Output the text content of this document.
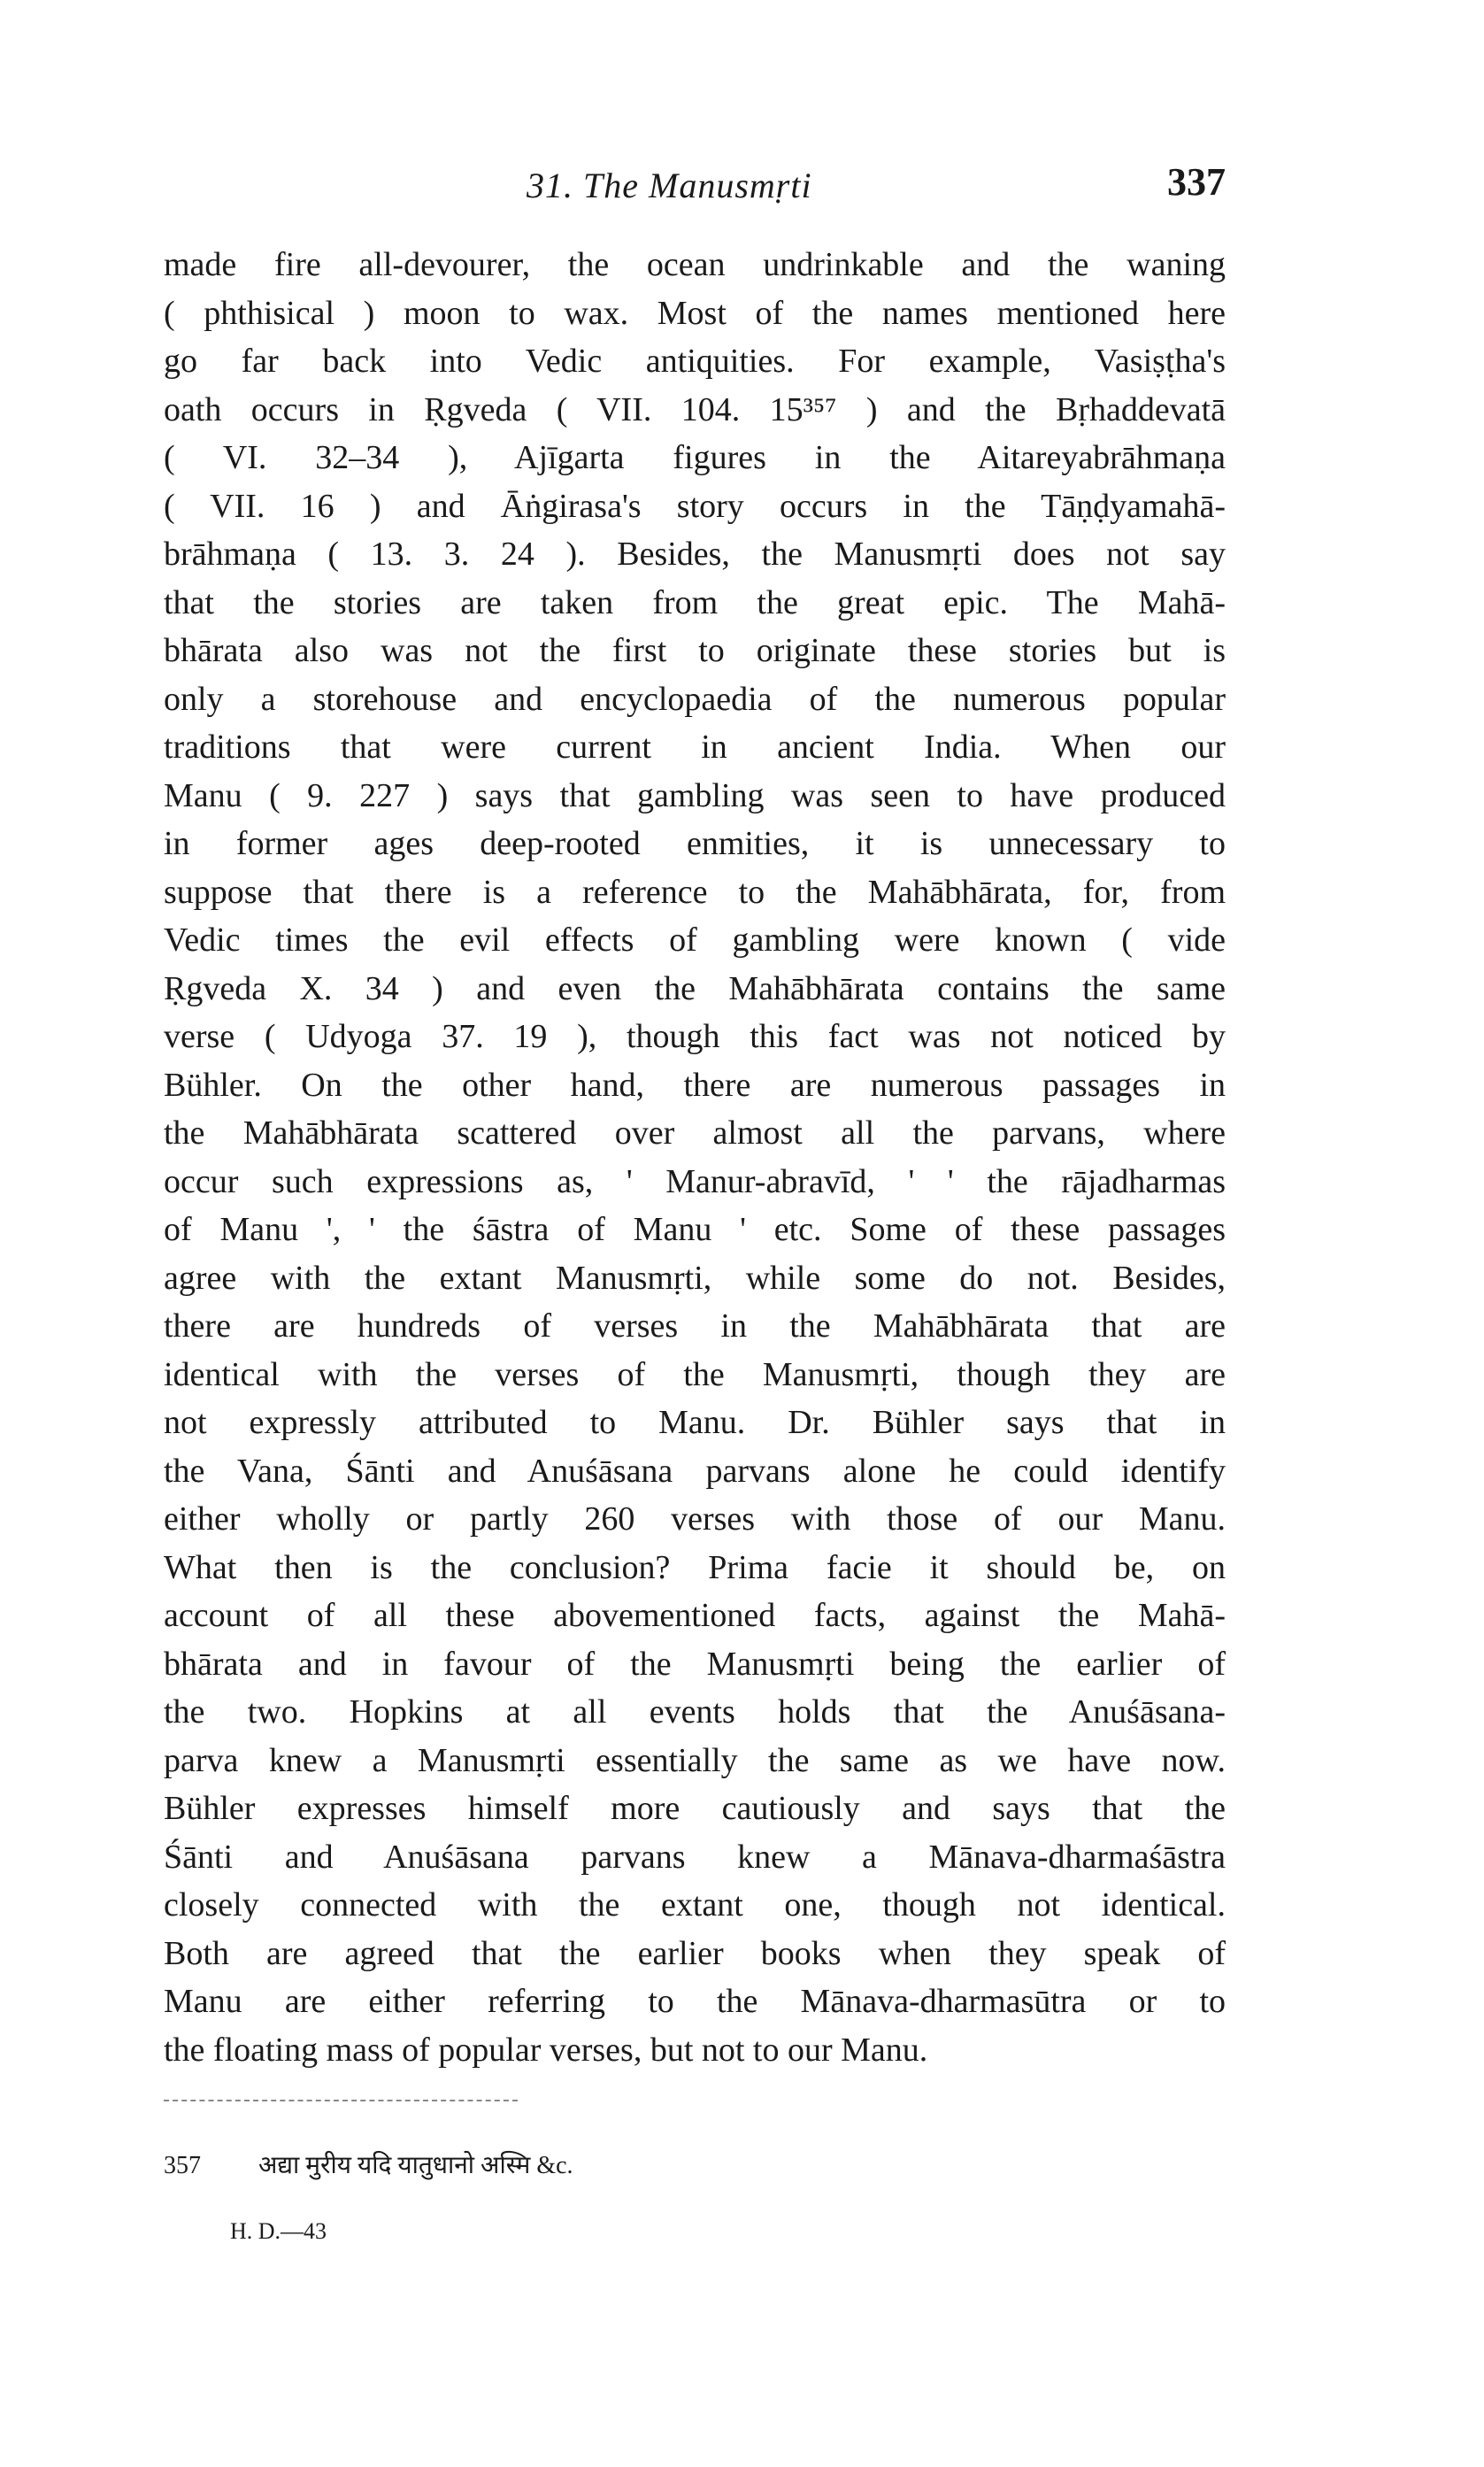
31. The Manusmṛti	337
made fire all-devourer, the ocean undrinkable and the waning
( phthisical ) moon to wax. Most of the names mentioned here
go far back into Vedic antiquities. For example, Vasiṣṭha's
oath occurs in Ṛgveda ( VII. 104. 15³⁵⁷ ) and the Bṛhaddevatā
( VI. 32–34 ), Ajīgarta figures in the Aitareyabrāhmaṇa
( VII. 16 ) and Āṅgirasa's story occurs in the Tāṇḍyamahā-
brāhmaṇa ( 13. 3. 24 ). Besides, the Manusmṛti does not say
that the stories are taken from the great epic. The Mahā-
bhārata also was not the first to originate these stories but is
only a storehouse and encyclopaedia of the numerous popular
traditions that were current in ancient India. When our
Manu ( 9. 227 ) says that gambling was seen to have produced
in former ages deep-rooted enmities, it is unnecessary to
suppose that there is a reference to the Mahābhārata, for, from
Vedic times the evil effects of gambling were known ( vide
Ṛgveda X. 34 ) and even the Mahābhārata contains the same
verse ( Udyoga 37. 19 ), though this fact was not noticed by
Bühler. On the other hand, there are numerous passages in
the Mahābhārata scattered over almost all the parvans, where
occur such expressions as, ' Manur-abravīd, ' ' the rājadharmas
of Manu ', ' the śāstra of Manu ' etc. Some of these passages
agree with the extant Manusmṛti, while some do not. Besides,
there are hundreds of verses in the Mahābhārata that are
identical with the verses of the Manusmṛti, though they are
not expressly attributed to Manu. Dr. Bühler says that in
the Vana, Śānti and Anuśāsana parvans alone he could identify
either wholly or partly 260 verses with those of our Manu.
What then is the conclusion? Prima facie it should be, on
account of all these abovementioned facts, against the Mahā-
bhārata and in favour of the Manusmṛti being the earlier of
the two. Hopkins at all events holds that the Anuśāsana-
parva knew a Manusmṛti essentially the same as we have now.
Bühler expresses himself more cautiously and says that the
Śānti and Anuśāsana parvans knew a Mānava-dharmaśāstra
closely connected with the extant one, though not identical.
Both are agreed that the earlier books when they speak of
Manu are either referring to the Mānava-dharmasūtra or to
the floating mass of popular verses, but not to our Manu.
357 अद्या मुरीय यदि यातुधानो अस्मि &c.
H. D.—43
